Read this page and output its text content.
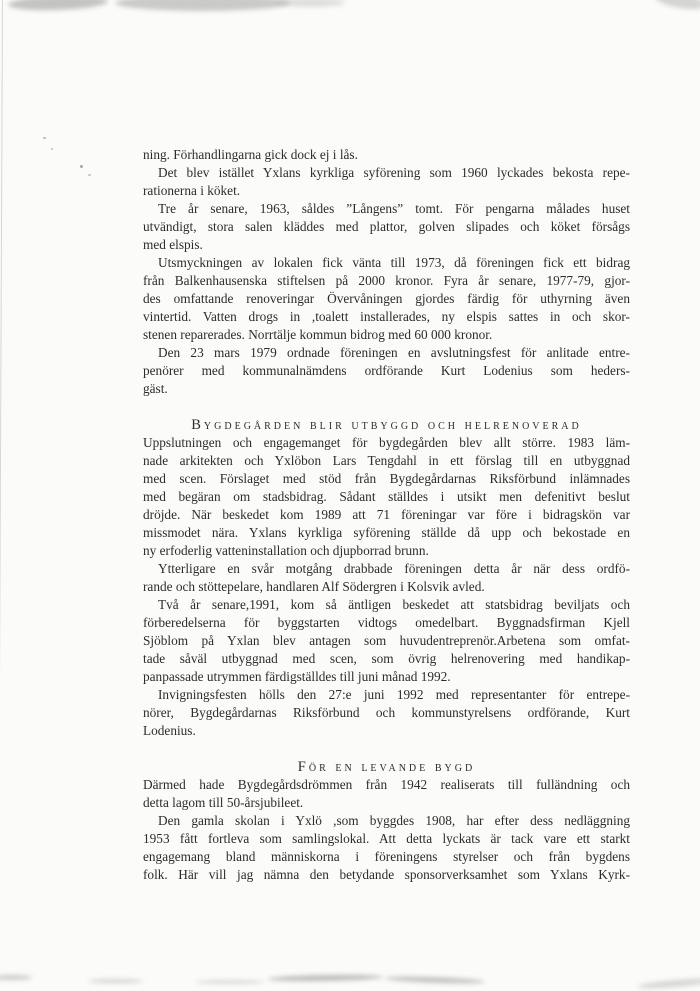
ning. Förhandlingarna gick dock ej i lås.
Det blev istället Yxlans kyrkliga syförening som 1960 lyckades bekosta repe-
rationerna i köket.
Tre år senare, 1963, såldes ”Långens” tomt. För pengarna målades huset
utvändigt, stora salen kläddes med plattor, golven slipades och köket försågs
med elspis.
Utsmyckningen av lokalen fick vänta till 1973, då föreningen fick ett bidrag
från Balkenhausenska stiftelsen på 2000 kronor. Fyra år senare, 1977-79, gjor-
des omfattande renoveringar Övervåningen gjordes färdig för uthyrning även
vintertid. Vatten drogs in ,toalett installerades, ny elspis sattes in och skor-
stenen reparerades. Norrtälje kommun bidrog med 60 000 kronor.
Den 23 mars 1979 ordnade föreningen en avslutningsfest för anlitade entre-
penörer med kommunalnämdens ordförande Kurt Lodenius som heders-
gäst.
Bygdegården blir utbyggd och helrenoverad
Uppslutningen och engagemanget för bygdegården blev allt större. 1983 läm-
nade arkitekten och Yxlöbon Lars Tengdahl in ett förslag till en utbyggnad
med scen. Förslaget med stöd från Bygdegårdarnas Riksförbund inlämnades
med begäran om stadsbidrag. Sådant ställdes i utsikt men defenitivt beslut
dröjde. När beskedet kom 1989 att 71 föreningar var före i bidragskön var
missmodet nära. Yxlans kyrkliga syförening ställde då upp och bekostade en
ny erfoderlig vatteninstallation och djupborrad brunn.
Ytterligare en svår motgång drabbade föreningen detta år när dess ordfö-
rande och stöttepelare, handlaren Alf Södergren i Kolsvik avled.
Två år senare,1991, kom så äntligen beskedet att statsbidrag beviljats och
förberedelserna för byggstarten vidtogs omedelbart. Byggnadsfirman Kjell
Sjöblom på Yxlan blev antagen som huvudentreprenör.Arbetena som omfat-
tade såväl utbyggnad med scen, som övrig helrenovering med handikap-
panpassade utrymmen färdigställdes till juni månad 1992.
Invigningsfesten hölls den 27:e juni 1992 med representanter för entrepe-
nörer, Bygdegårdarnas Riksförbund och kommunstyrelsens ordförande, Kurt
Lodenius.
För en levande bygd
Därmed hade Bygdegårdsdrömmen från 1942 realiserats till fulländning och
detta lagom till 50-årsjubileet.
Den gamla skolan i Yxlö ,som byggdes 1908, har efter dess nedläggning
1953 fått fortleva som samlingslokal. Att detta lyckats är tack vare ett starkt
engagemang bland människorna i föreningens styrelser och från bygdens
folk. Här vill jag nämna den betydande sponsorverksamhet som Yxlans Kyrk-
